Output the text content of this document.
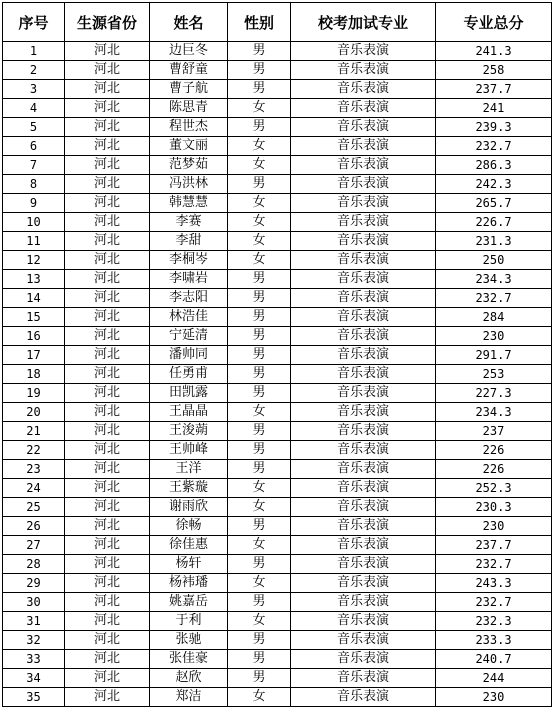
序号	生源省份	姓名	性别	校考加试专业	专业总分
1	河北	边巨冬	男	音乐表演	241.3
2	河北	曹舒童	男	音乐表演	258
3	河北	曹子航	男	音乐表演	237.7
4	河北	陈思青	女	音乐表演	241
5	河北	程世杰	男	音乐表演	239.3
6	河北	董文丽	女	音乐表演	232.7
7	河北	范梦茹	女	音乐表演	286.3
8	河北	冯洪林	男	音乐表演	242.3
9	河北	韩慧慧	女	音乐表演	265.7
10	河北	李赛	女	音乐表演	226.7
11	河北	李甜	女	音乐表演	231.3
12	河北	李桐岑	女	音乐表演	250
13	河北	李啸岩	男	音乐表演	234.3
14	河北	李志阳	男	音乐表演	232.7
15	河北	林浩佳	男	音乐表演	284
16	河北	宁延清	男	音乐表演	230
17	河北	潘帅同	男	音乐表演	291.7
18	河北	任勇甫	男	音乐表演	253
19	河北	田凯露	男	音乐表演	227.3
20	河北	王晶晶	女	音乐表演	234.3
21	河北	王浚蒴	男	音乐表演	237
22	河北	王帅峰	男	音乐表演	226
23	河北	王洋	男	音乐表演	226
24	河北	王紫璇	女	音乐表演	252.3
25	河北	谢雨欣	女	音乐表演	230.3
26	河北	徐畅	男	音乐表演	230
27	河北	徐佳惠	女	音乐表演	237.7
28	河北	杨轩	男	音乐表演	232.7
29	河北	杨袆璠	女	音乐表演	243.3
30	河北	姚嘉岳	男	音乐表演	232.7
31	河北	于利	女	音乐表演	232.3
32	河北	张驰	男	音乐表演	233.3
33	河北	张佳豪	男	音乐表演	240.7
34	河北	赵欣	男	音乐表演	244
35	河北	郑洁	女	音乐表演	230
